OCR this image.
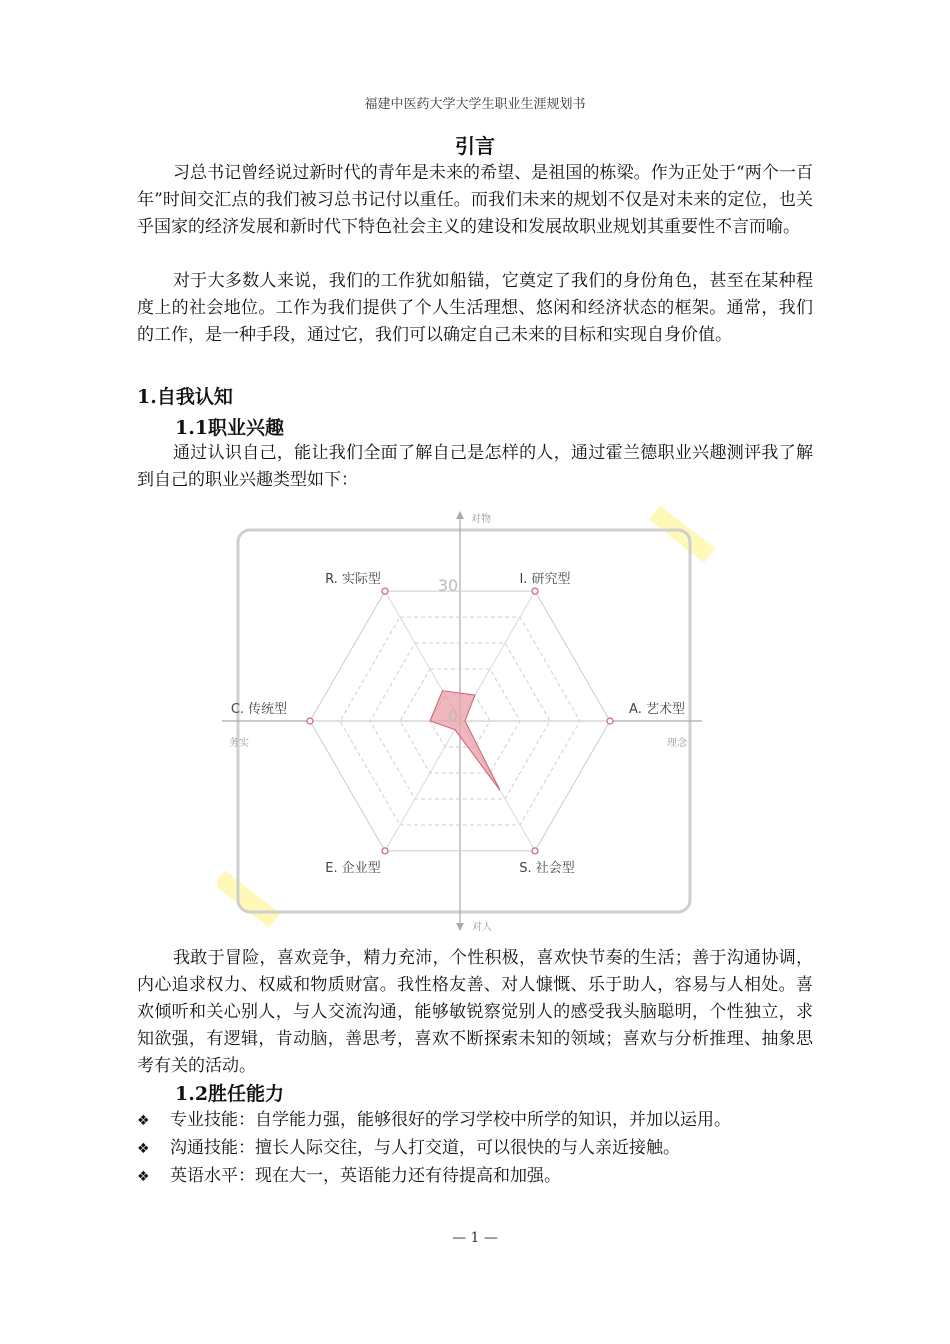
福建中医药大学大学生职业生涯规划书
引言

习总书记曾经说过新时代的青年是未来的希望、是祖国的栋梁。作为正处于“两个一百年”时间交汇点的我们被习总书记付以重任。而我们未来的规划不仅是对未来的定位，也关乎国家的经济发展和新时代下特色社会主义的建设和发展故职业规划其重要性不言而喻。

对于大多数人来说，我们的工作犹如船锚，它奠定了我们的身份角色，甚至在某种程度上的社会地位。工作为我们提供了个人生活理想、悠闲和经济状态的框架。通常，我们的工作，是一种手段，通过它，我们可以确定自己未来的目标和实现自身价值。

1.自我认知
1.1职业兴趣

通过认识自己，能让我们全面了解自己是怎样的人，通过霍兰德职业兴趣测评我了解到自己的职业兴趣类型如下：

R. 实际型	I. 研究型
A. 艺术型
S. 社会型
E. 企业型
C. 传统型
对物
对人
务实	理念
30
0

我敢于冒险，喜欢竞争，精力充沛，个性积极，喜欢快节奏的生活；善于沟通协调，内心追求权力、权威和物质财富。我性格友善、对人慷慨、乐于助人，容易与人相处。喜欢倾听和关心别人，与人交流沟通，能够敏锐察觉别人的感受我头脑聪明，个性独立，求知欲强，有逻辑，肯动脑，善思考，喜欢不断探索未知的领域；喜欢与分析推理、抽象思考有关的活动。

1.2胜任能力
❖	专业技能：自学能力强，能够很好的学习学校中所学的知识，并加以运用。
❖	沟通技能：擅长人际交往，与人打交道，可以很快的与人亲近接触。
❖	英语水平：现在大一，英语能力还有待提高和加强。
— 1 —
